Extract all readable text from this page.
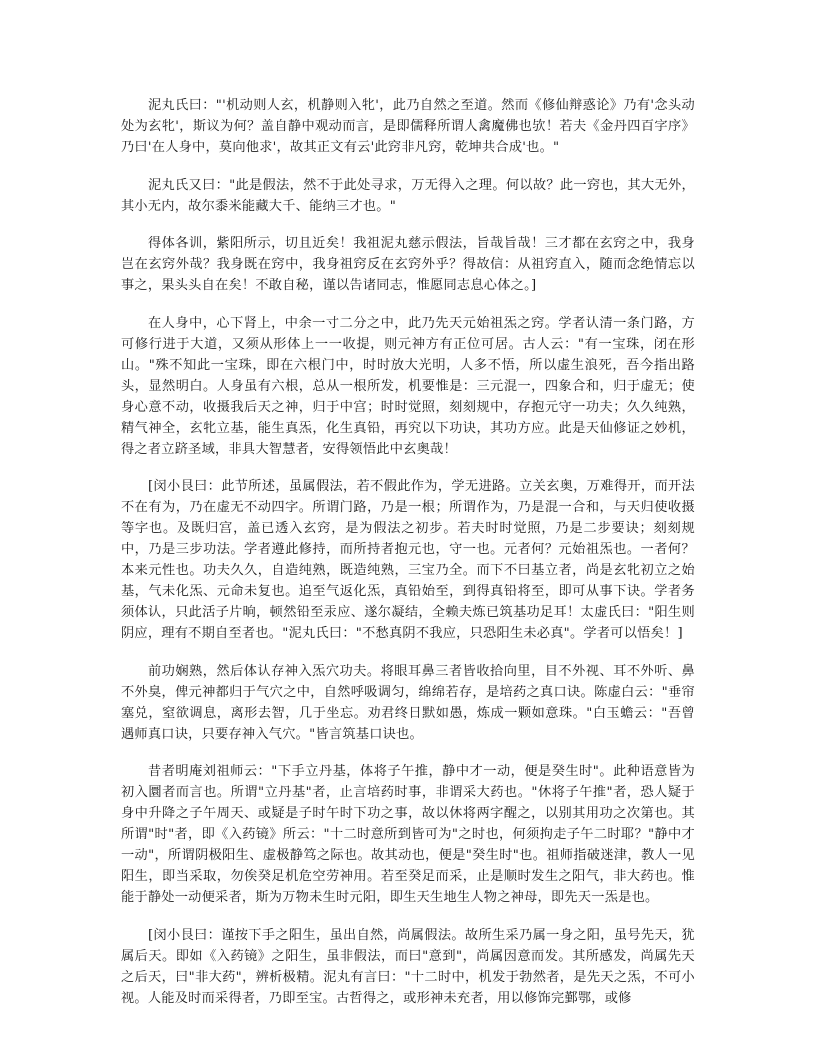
泥丸氏曰："'机动则人玄，机静则入牝'，此乃自然之至道。然而《修仙辩惑论》乃有'念头动处为玄牝'，斯议为何？盖自静中观动而言，是即儒释所谓人禽魔佛也欤！若夫《金丹四百字序》乃曰'在人身中，莫向他求'，故其正文有云'此窍非凡窍，乾坤共合成'也。"

泥丸氏又曰："此是假法，然不于此处寻求，万无得入之理。何以故？此一窍也，其大无外，其小无内，故尔黍米能藏大千、能纳三才也。"

得体各训，紫阳所示，切且近矣！我祖泥丸慈示假法，旨哉旨哉！三才都在玄窍之中，我身岂在玄窍外哉？我身既在窍中，我身祖窍反在玄窍外乎？得故信：从祖窍直入，随而念绝情忘以事之，果头头自在矣！不敢自秘，谨以告诸同志，惟愿同志息心体之。]

在人身中，心下肾上，中余一寸二分之中，此乃先天元始祖炁之窍。学者认清一条门路，方可修行进于大道，又须从形体上一一收提，则元神方有正位可居。古人云："有一宝珠，闭在形山。"殊不知此一宝珠，即在六根门中，时时放大光明，人多不悟，所以虚生浪死，吾今指出路头，显然明白。人身虽有六根，总从一根所发，机要惟是：三元混一，四象合和，归于虚无；使身心意不动，收摄我后天之神，归于中宫；时时觉照，刻刻规中，存抱元守一功夫；久久纯熟，精气神全，玄牝立基，能生真炁，化生真铅，再究以下功诀，其功方应。此是天仙修证之妙机，得之者立跻圣域，非具大智慧者，安得领悟此中玄奥哉！

[闵小艮曰：此节所述，虽属假法，若不假此作为，学无进路。立关玄奥，万难得开，而开法不在有为，乃在虚无不动四字。所谓门路，乃是一根；所谓作为，乃是混一合和，与天归使收摄等字也。及既归宫，盖已透入玄窍，是为假法之初步。若夫时时觉照，乃是二步要诀；刻刻规中，乃是三步功法。学者遵此修持，而所持者抱元也，守一也。元者何？元始祖炁也。一者何？本来元性也。功夫久久，自造纯熟，既造纯熟，三宝乃全。而下不曰基立者，尚是玄牝初立之始基，气未化炁、元命未复也。追至气返化炁，真铅始至，到得真铅将至，即可从事下诀。学者务须体认，只此活子片晌，顿然铅至汞应、遂尔凝结，全赖夫炼已筑基功足耳！太虚氏曰："阳生则阴应，理有不期自至者也。"泥丸氏曰："不愁真阴不我应，只恐阳生未必真"。学者可以悟矣！]

前功娴熟，然后体认存神入炁穴功夫。将眼耳鼻三者皆收拾向里，目不外视、耳不外听、鼻不外臭，俾元神都归于气穴之中，自然呼吸调匀，绵绵若存，是培药之真口诀。陈虚白云："垂帘塞兑，窒欲调息，离形去智，几于坐忘。劝君终日默如愚，炼成一颗如意珠。"白玉蟾云："吾曾遇师真口诀，只要存神入气穴。"皆言筑基口诀也。

昔者明庵刘祖师云："下手立丹基，体将子午推，静中才一动，便是癸生时"。此种语意皆为初入圜者而言也。所谓"立丹基"者，止言培药时事，非谓采大药也。"休将子午推"者，恐人疑于身中升降之子午周天、或疑是子时午时下功之事，故以休将两字醒之，以别其用功之次第也。其所谓"时"者，即《入药镜》所云："十二时意所到皆可为"之时也，何须拘走子午二时耶？"静中才一动"，所谓阴极阳生、虚极静笃之际也。故其动也，便是"癸生时"也。祖师指破迷津，教人一见阳生，即当采取，勿俟癸足机危空劳神用。若至癸足而采，止是顺时发生之阳气，非大药也。惟能于静处一动便采者，斯为万物未生时元阳，即生天生地生人物之神母，即先天一炁是也。

[闵小艮曰：谨按下手之阳生，虽出自然，尚属假法。故所生采乃属一身之阳，虽号先天，犹属后天。即如《入药镜》之阳生，虽非假法，而曰"意到"，尚属因意而发。其所感发，尚属先天之后天，曰"非大药"，辨析极精。泥丸有言曰："十二时中，机发于勃然者，是先天之炁，不可小视。人能及时而采得者，乃即至宝。古哲得之，或形神未充者，用以修饰完鄞鄂，或修
